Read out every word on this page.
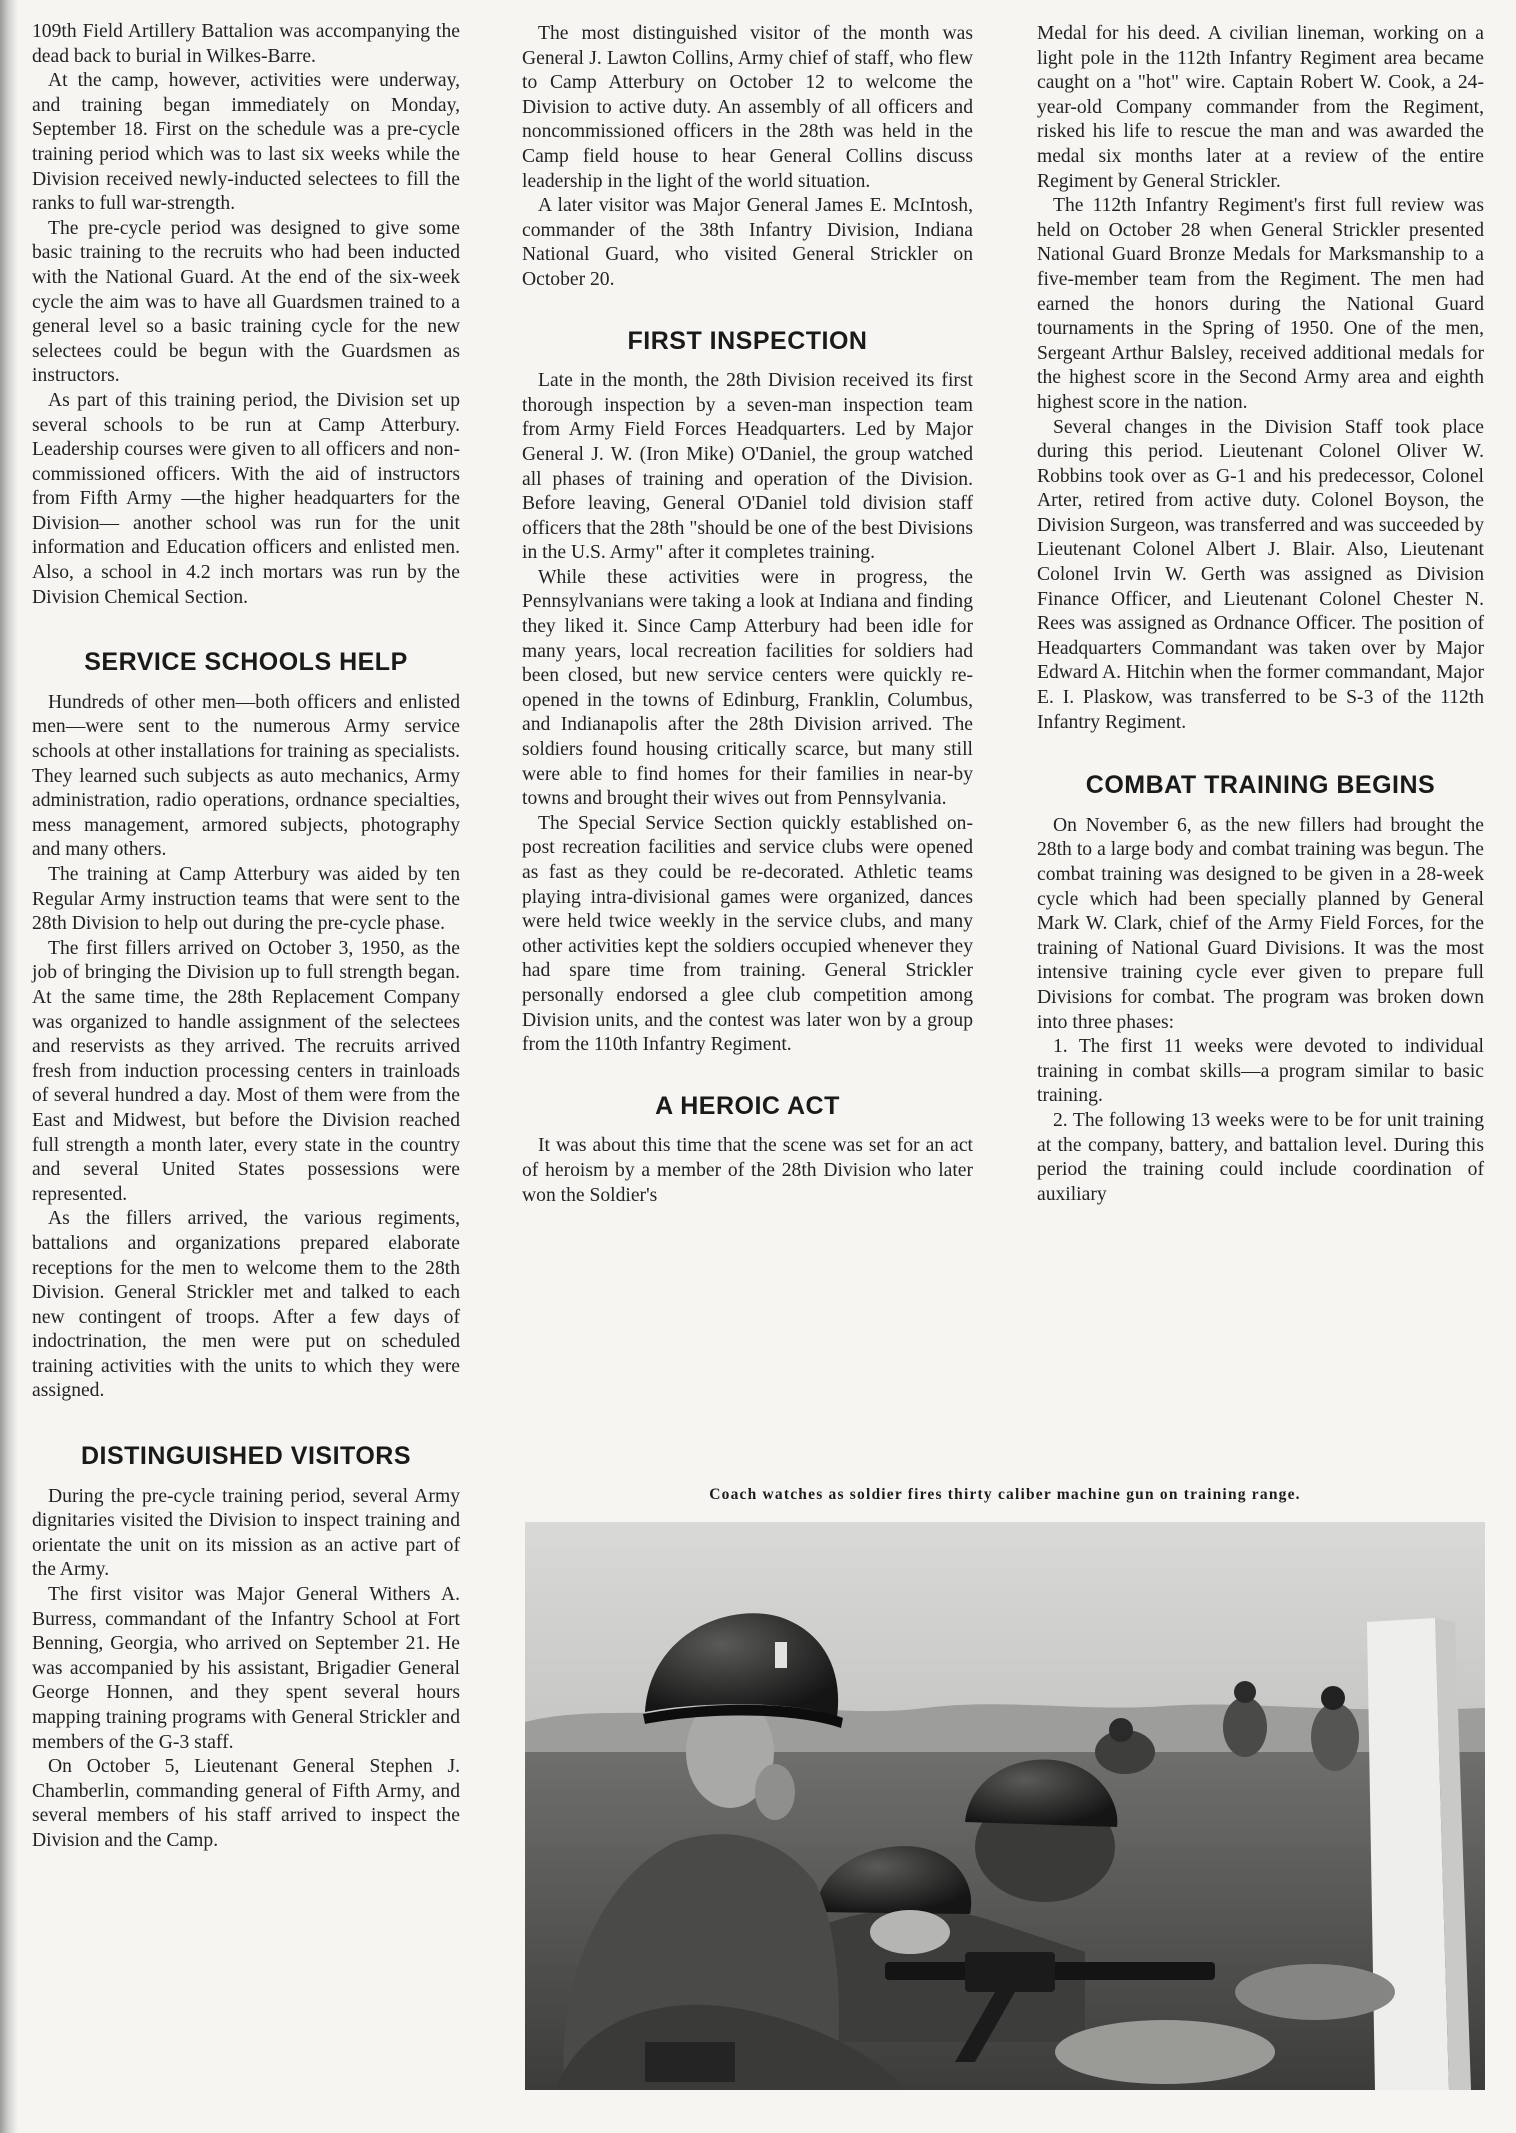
109th Field Artillery Battalion was accompanying the dead back to burial in Wilkes-Barre.

At the camp, however, activities were underway, and training began immediately on Monday, September 18. First on the schedule was a pre-cycle training period which was to last six weeks while the Division received newly-inducted selectees to fill the ranks to full war-strength.

The pre-cycle period was designed to give some basic training to the recruits who had been inducted with the National Guard. At the end of the six-week cycle the aim was to have all Guardsmen trained to a general level so a basic training cycle for the new selectees could be begun with the Guardsmen as instructors.

As part of this training period, the Division set up several schools to be run at Camp Atterbury. Leadership courses were given to all officers and non-commissioned officers. With the aid of instructors from Fifth Army —the higher headquarters for the Division— another school was run for the unit information and Education officers and enlisted men. Also, a school in 4.2 inch mortars was run by the Division Chemical Section.

SERVICE SCHOOLS HELP

Hundreds of other men—both officers and enlisted men—were sent to the numerous Army service schools at other installations for training as specialists. They learned such subjects as auto mechanics, Army administration, radio operations, ordnance specialties, mess management, armored subjects, photography and many others.

The training at Camp Atterbury was aided by ten Regular Army instruction teams that were sent to the 28th Division to help out during the pre-cycle phase.

The first fillers arrived on October 3, 1950, as the job of bringing the Division up to full strength began. At the same time, the 28th Replacement Company was organized to handle assignment of the selectees and reservists as they arrived. The recruits arrived fresh from induction processing centers in trainloads of several hundred a day. Most of them were from the East and Midwest, but before the Division reached full strength a month later, every state in the country and several United States possessions were represented.

As the fillers arrived, the various regiments, battalions and organizations prepared elaborate receptions for the men to welcome them to the 28th Division. General Strickler met and talked to each new contingent of troops. After a few days of indoctrination, the men were put on scheduled training activities with the units to which they were assigned.

DISTINGUISHED VISITORS

During the pre-cycle training period, several Army dignitaries visited the Division to inspect training and orientate the unit on its mission as an active part of the Army.

The first visitor was Major General Withers A. Burress, commandant of the Infantry School at Fort Benning, Georgia, who arrived on September 21. He was accompanied by his assistant, Brigadier General George Honnen, and they spent several hours mapping training programs with General Strickler and members of the G-3 staff.

On October 5, Lieutenant General Stephen J. Chamberlin, commanding general of Fifth Army, and several members of his staff arrived to inspect the Division and the Camp.

The most distinguished visitor of the month was General J. Lawton Collins, Army chief of staff, who flew to Camp Atterbury on October 12 to welcome the Division to active duty. An assembly of all officers and noncommissioned officers in the 28th was held in the Camp field house to hear General Collins discuss leadership in the light of the world situation.

A later visitor was Major General James E. McIntosh, commander of the 38th Infantry Division, Indiana National Guard, who visited General Strickler on October 20.

FIRST INSPECTION

Late in the month, the 28th Division received its first thorough inspection by a seven-man inspection team from Army Field Forces Headquarters. Led by Major General J. W. (Iron Mike) O'Daniel, the group watched all phases of training and operation of the Division. Before leaving, General O'Daniel told division staff officers that the 28th "should be one of the best Divisions in the U.S. Army" after it completes training.

While these activities were in progress, the Pennsylvanians were taking a look at Indiana and finding they liked it. Since Camp Atterbury had been idle for many years, local recreation facilities for soldiers had been closed, but new service centers were quickly re-opened in the towns of Edinburg, Franklin, Columbus, and Indianapolis after the 28th Division arrived. The soldiers found housing critically scarce, but many still were able to find homes for their families in near-by towns and brought their wives out from Pennsylvania.

The Special Service Section quickly established on-post recreation facilities and service clubs were opened as fast as they could be re-decorated. Athletic teams playing intra-divisional games were organized, dances were held twice weekly in the service clubs, and many other activities kept the soldiers occupied whenever they had spare time from training. General Strickler personally endorsed a glee club competition among Division units, and the contest was later won by a group from the 110th Infantry Regiment.

A HEROIC ACT

It was about this time that the scene was set for an act of heroism by a member of the 28th Division who later won the Soldier's

Medal for his deed. A civilian lineman, working on a light pole in the 112th Infantry Regiment area became caught on a "hot" wire. Captain Robert W. Cook, a 24-year-old Company commander from the Regiment, risked his life to rescue the man and was awarded the medal six months later at a review of the entire Regiment by General Strickler.

The 112th Infantry Regiment's first full review was held on October 28 when General Strickler presented National Guard Bronze Medals for Marksmanship to a five-member team from the Regiment. The men had earned the honors during the National Guard tournaments in the Spring of 1950. One of the men, Sergeant Arthur Balsley, received additional medals for the highest score in the Second Army area and eighth highest score in the nation.

Several changes in the Division Staff took place during this period. Lieutenant Colonel Oliver W. Robbins took over as G-1 and his predecessor, Colonel Arter, retired from active duty. Colonel Boyson, the Division Surgeon, was transferred and was succeeded by Lieutenant Colonel Albert J. Blair. Also, Lieutenant Colonel Irvin W. Gerth was assigned as Division Finance Officer, and Lieutenant Colonel Chester N. Rees was assigned as Ordnance Officer. The position of Headquarters Commandant was taken over by Major Edward A. Hitchin when the former commandant, Major E. I. Plaskow, was transferred to be S-3 of the 112th Infantry Regiment.

COMBAT TRAINING BEGINS

On November 6, as the new fillers had brought the 28th to a large body and combat training was begun. The combat training was designed to be given in a 28-week cycle which had been specially planned by General Mark W. Clark, chief of the Army Field Forces, for the training of National Guard Divisions. It was the most intensive training cycle ever given to prepare full Divisions for combat. The program was broken down into three phases:

1. The first 11 weeks were devoted to individual training in combat skills—a program similar to basic training.

2. The following 13 weeks were to be for unit training at the company, battery, and battalion level. During this period the training could include coordination of auxiliary

Coach watches as soldier fires thirty caliber machine gun on training range.
